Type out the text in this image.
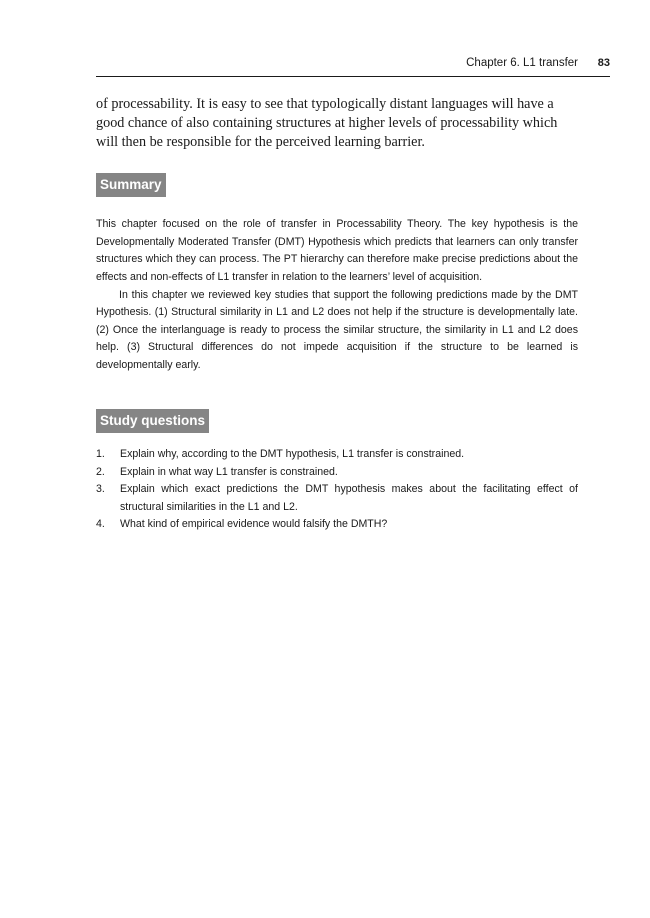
Chapter 6. L1 transfer 83

of processability. It is easy to see that typologically distant languages will have a good chance of also containing structures at higher levels of processability which will then be responsible for the perceived learning barrier.

Summary

This chapter focused on the role of transfer in Processability Theory. The key hypothesis is the Developmentally Moderated Transfer (DMT) Hypothesis which predicts that learners can only transfer structures which they can process. The PT hierarchy can therefore make precise predictions about the effects and non-effects of L1 transfer in relation to the learners’ level of acquisition.

In this chapter we reviewed key studies that support the following predictions made by the DMT Hypothesis. (1) Structural similarity in L1 and L2 does not help if the structure is developmentally late. (2) Once the interlanguage is ready to process the similar structure, the similarity in L1 and L2 does help. (3) Structural differences do not impede acquisition if the structure to be learned is developmentally early.

Study questions
1. Explain why, according to the DMT hypothesis, L1 transfer is constrained.
2. Explain in what way L1 transfer is constrained.
3. Explain which exact predictions the DMT hypothesis makes about the facilitating effect of structural similarities in the L1 and L2.
4. What kind of empirical evidence would falsify the DMTH?
